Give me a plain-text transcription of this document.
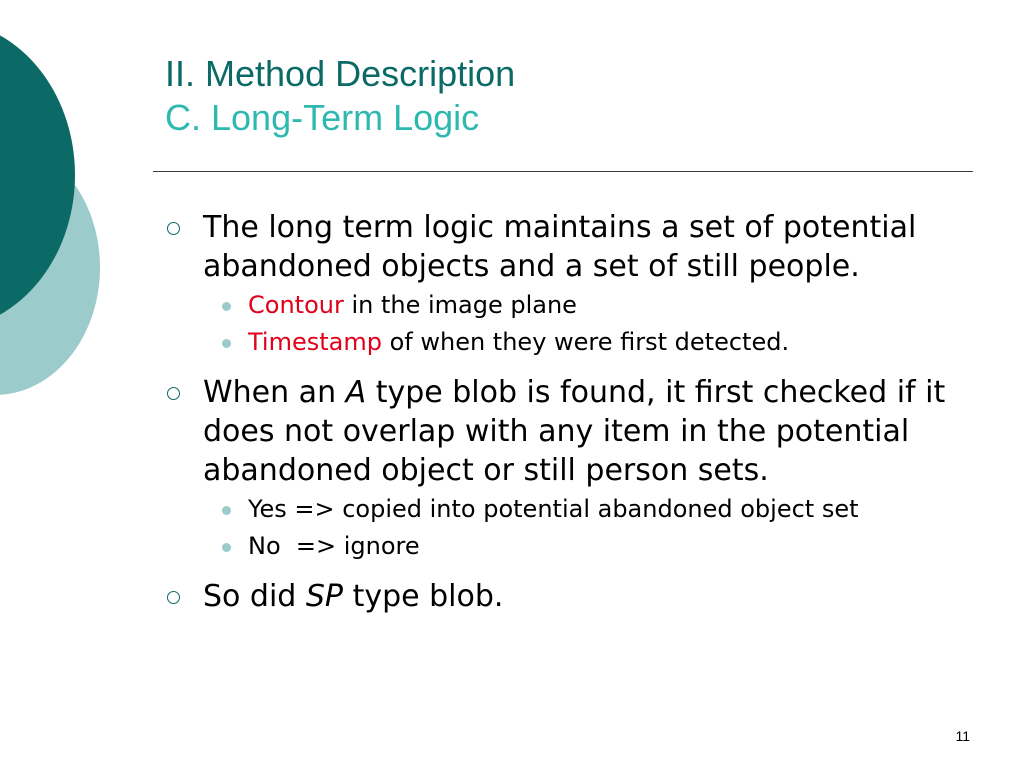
II. Method Description
C. Long-Term Logic
The long term logic maintains a set of potential abandoned objects and a set of still people.
Contour in the image plane
Timestamp of when they were first detected.
When an A type blob is found, it first checked if it does not overlap with any item in the potential abandoned object or still person sets.
Yes => copied into potential abandoned object set
No  => ignore
So did SP type blob.
11
